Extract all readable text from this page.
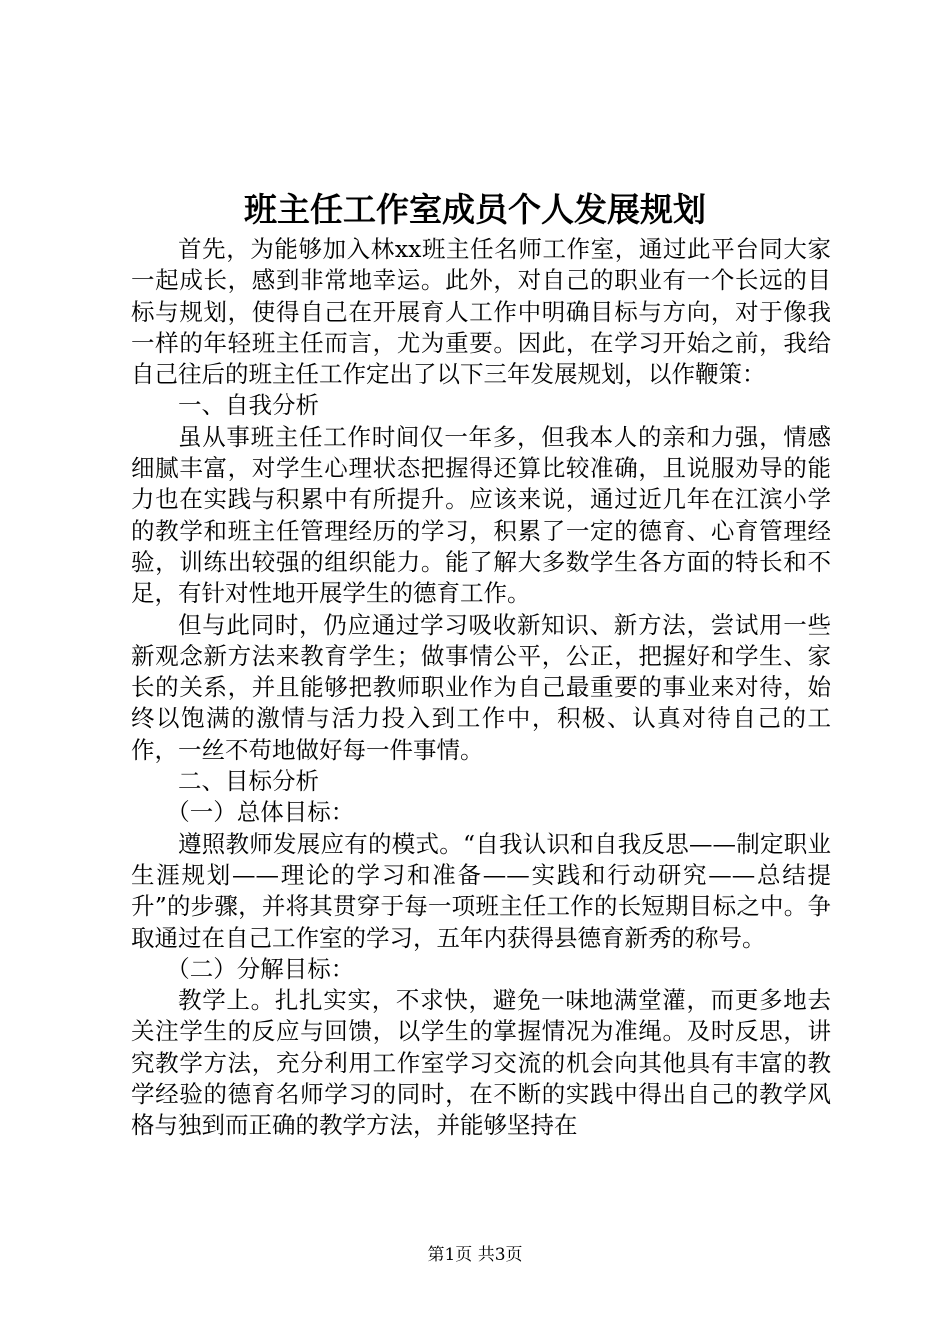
班主任工作室成员个人发展规划

首先，为能够加入林xx班主任名师工作室，通过此平台同大家一起成长，感到非常地幸运。此外，对自己的职业有一个长远的目标与规划，使得自己在开展育人工作中明确目标与方向，对于像我一样的年轻班主任而言，尤为重要。因此，在学习开始之前，我给自己往后的班主任工作定出了以下三年发展规划，以作鞭策：

一、自我分析

虽从事班主任工作时间仅一年多，但我本人的亲和力强，情感细腻丰富，对学生心理状态把握得还算比较准确，且说服劝导的能力也在实践与积累中有所提升。应该来说，通过近几年在江滨小学的教学和班主任管理经历的学习，积累了一定的德育、心育管理经验，训练出较强的组织能力。能了解大多数学生各方面的特长和不足，有针对性地开展学生的德育工作。

但与此同时，仍应通过学习吸收新知识、新方法，尝试用一些新观念新方法来教育学生；做事情公平，公正，把握好和学生、家长的关系，并且能够把教师职业作为自己最重要的事业来对待，始终以饱满的激情与活力投入到工作中，积极、认真对待自己的工作，一丝不苟地做好每一件事情。

二、目标分析

（一）总体目标：

遵照教师发展应有的模式。“自我认识和自我反思——制定职业生涯规划——理论的学习和准备——实践和行动研究——总结提升”的步骤，并将其贯穿于每一项班主任工作的长短期目标之中。争取通过在自己工作室的学习，五年内获得县德育新秀的称号。

（二）分解目标：

教学上。扎扎实实，不求快，避免一味地满堂灌，而更多地去关注学生的反应与回馈，以学生的掌握情况为准绳。及时反思，讲究教学方法，充分利用工作室学习交流的机会向其他具有丰富的教学经验的德育名师学习的同时，在不断的实践中得出自己的教学风格与独到而正确的教学方法，并能够坚持在

第1页 共3页
